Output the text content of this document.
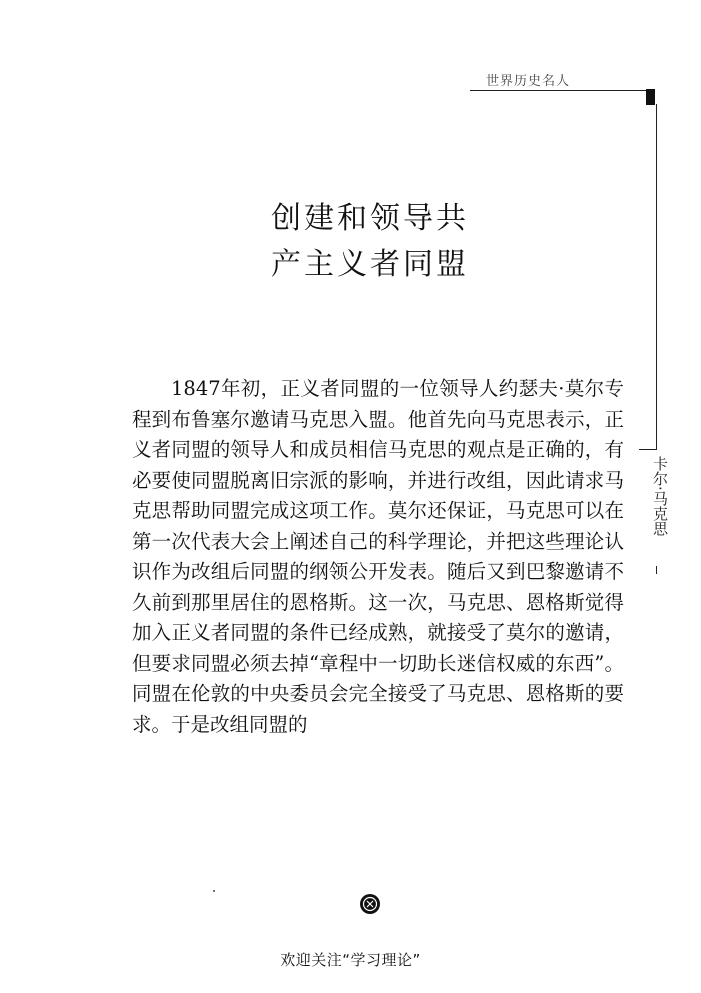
世界历史名人
卡尔·马克思
创建和领导共
产主义者同盟

1847年初，正义者同盟的一位领导人约瑟夫·莫尔专程到布鲁塞尔邀请马克思入盟。他首先向马克思表示，正义者同盟的领导人和成员相信马克思的观点是正确的，有必要使同盟脱离旧宗派的影响，并进行改组，因此请求马克思帮助同盟完成这项工作。莫尔还保证，马克思可以在第一次代表大会上阐述自己的科学理论，并把这些理论认识作为改组后同盟的纲领公开发表。随后又到巴黎邀请不久前到那里居住的恩格斯。这一次，马克思、恩格斯觉得加入正义者同盟的条件已经成熟，就接受了莫尔的邀请，但要求同盟必须去掉“章程中一切助长迷信权威的东西”。同盟在伦敦的中央委员会完全接受了马克思、恩格斯的要求。于是改组同盟的

欢迎关注“学习理论”
